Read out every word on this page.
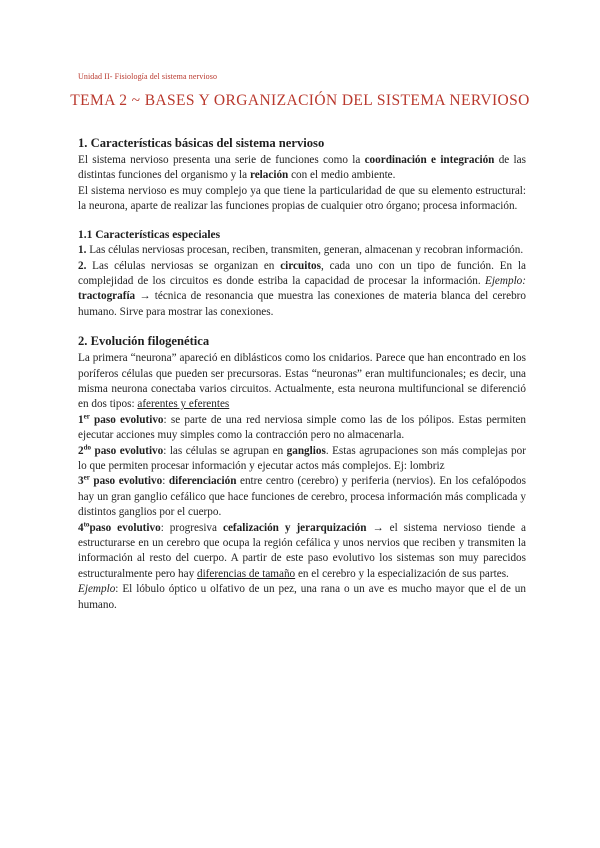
Unidad II- Fisiología del sistema nervioso
TEMA 2 ~ BASES Y ORGANIZACIÓN DEL SISTEMA NERVIOSO
1. Características básicas del sistema nervioso

El sistema nervioso presenta una serie de funciones como la coordinación e integración de las distintas funciones del organismo y la relación con el medio ambiente.

El sistema nervioso es muy complejo ya que tiene la particularidad de que su elemento estructural: la neurona, aparte de realizar las funciones propias de cualquier otro órgano; procesa información.

1.1 Características especiales

1. Las células nerviosas procesan, reciben, transmiten, generan, almacenan y recobran información.

2. Las células nerviosas se organizan en circuitos, cada uno con un tipo de función. En la complejidad de los circuitos es donde estriba la capacidad de procesar la información. Ejemplo: tractografía → técnica de resonancia que muestra las conexiones de materia blanca del cerebro humano. Sirve para mostrar las conexiones.

2. Evolución filogenética

La primera “neurona” apareció en diblásticos como los cnidarios. Parece que han encontrado en los poríferos células que pueden ser precursoras. Estas “neuronas” eran multifuncionales; es decir, una misma neurona conectaba varios circuitos. Actualmente, esta neurona multifuncional se diferenció en dos tipos: aferentes y eferentes

1er paso evolutivo: se parte de una red nerviosa simple como las de los pólipos. Estas permiten ejecutar acciones muy simples como la contracción pero no almacenarla.

$2^{do}$ paso evolutivo: las células se agrupan en ganglios. Estas agrupaciones son más complejas por lo que permiten procesar información y ejecutar actos más complejos. Ej: lombriz

3er paso evolutivo: diferenciación entre centro (cerebro) y periferia (nervios). En los cefalópodos hay un gran ganglio cefálico que hace funciones de cerebro, procesa información más complicada y distintos ganglios por el cuerpo.

$4^{to}paso$ evolutivo: progresiva cefalización y jerarquización → el sistema nervioso tiende a estructurarse en un cerebro que ocupa la región cefálica y unos nervios que reciben y transmiten la información al resto del cuerpo. A partir de este paso evolutivo los sistemas son muy parecidos estructuralmente pero hay diferencias de tamaño en el cerebro y la especialización de sus partes.

Ejemplo: El lóbulo óptico u olfativo de un pez, una rana o un ave es mucho mayor que el de un humano.
